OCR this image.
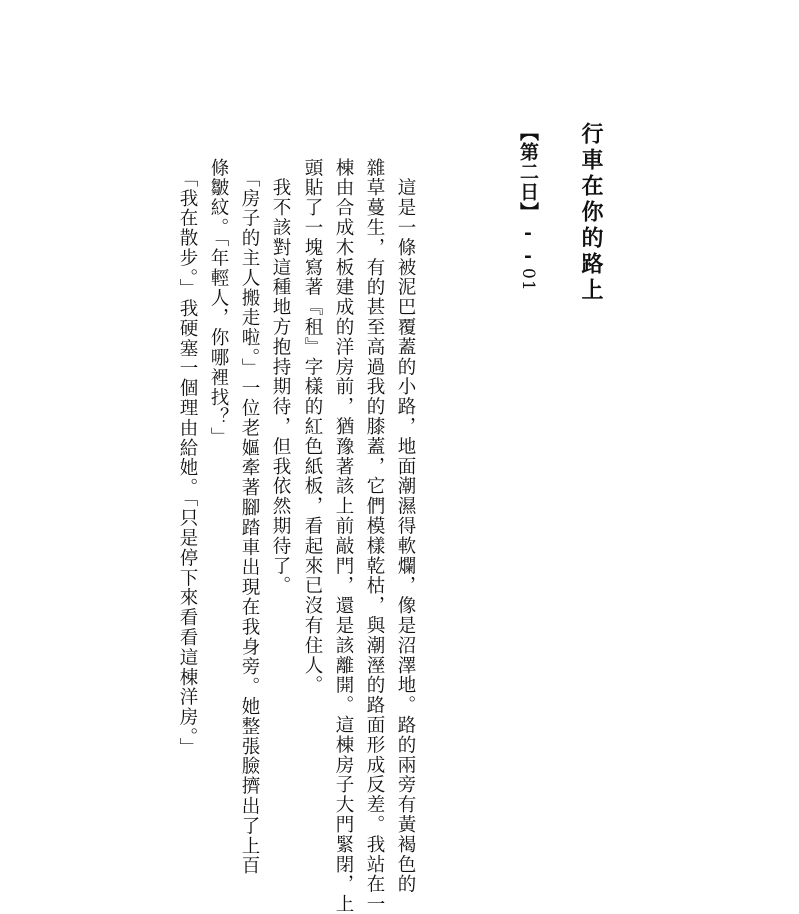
行車在你的路上
【第二日】--01
　這是一條被泥巴覆蓋的小路，地面潮濕得軟爛，像是沼澤地。路的兩旁有黃褐色的
雜草蔓生，有的甚至高過我的膝蓋，它們模樣乾枯，與潮溼的路面形成反差。我站在一
棟由合成木板建成的洋房前，猶豫著該上前敲門，還是該離開。這棟房子大門緊閉，上
頭貼了一塊寫著『租』字樣的紅色紙板，看起來已沒有住人。
　我不該對這種地方抱持期待，但我依然期待了。
　「房子的主人搬走啦。」一位老嫗牽著腳踏車出現在我身旁。她整張臉擠出了上百
條皺紋。「年輕人，你哪裡找？」
　「我在散步。」我硬塞一個理由給她。「只是停下來看看這棟洋房。」
